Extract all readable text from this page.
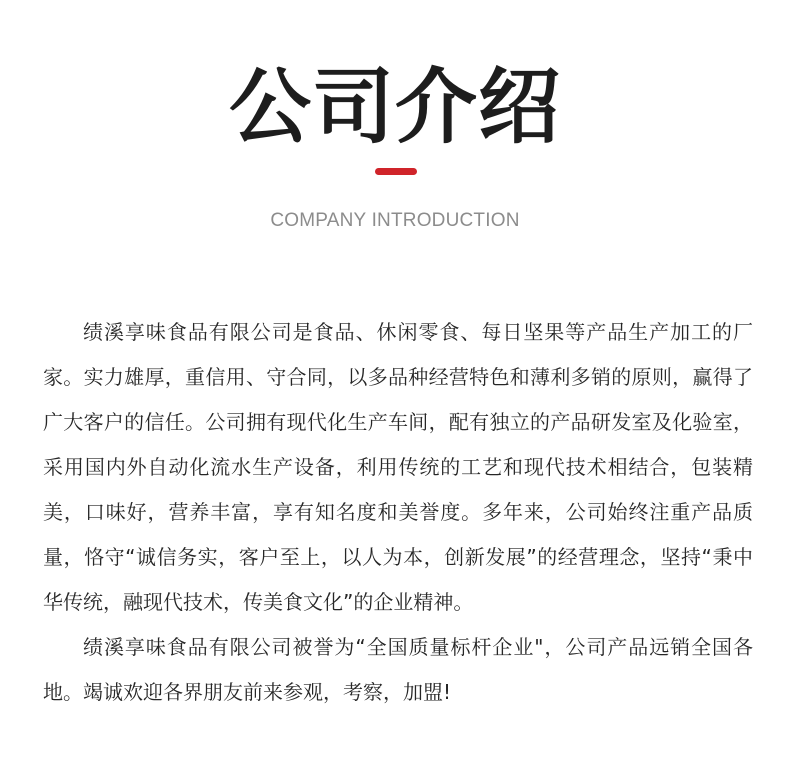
公司介绍
COMPANY INTRODUCTION

绩溪享味食品有限公司是食品、休闲零食、每日坚果等产品生产加工的厂家。实力雄厚，重信用、守合同，以多品种经营特色和薄利多销的原则，赢得了广大客户的信任。公司拥有现代化生产车间，配有独立的产品研发室及化验室，采用国内外自动化流水生产设备，利用传统的工艺和现代技术相结合，包装精美，口味好，营养丰富，享有知名度和美誉度。多年来，公司始终注重产品质量，恪守“诚信务实，客户至上，以人为本，创新发展”的经营理念，坚持“秉中华传统，融现代技术，传美食文化”的企业精神。

绩溪享味食品有限公司被誉为“全国质量标杆企业"，公司产品远销全国各地。竭诚欢迎各界朋友前来参观，考察，加盟!
